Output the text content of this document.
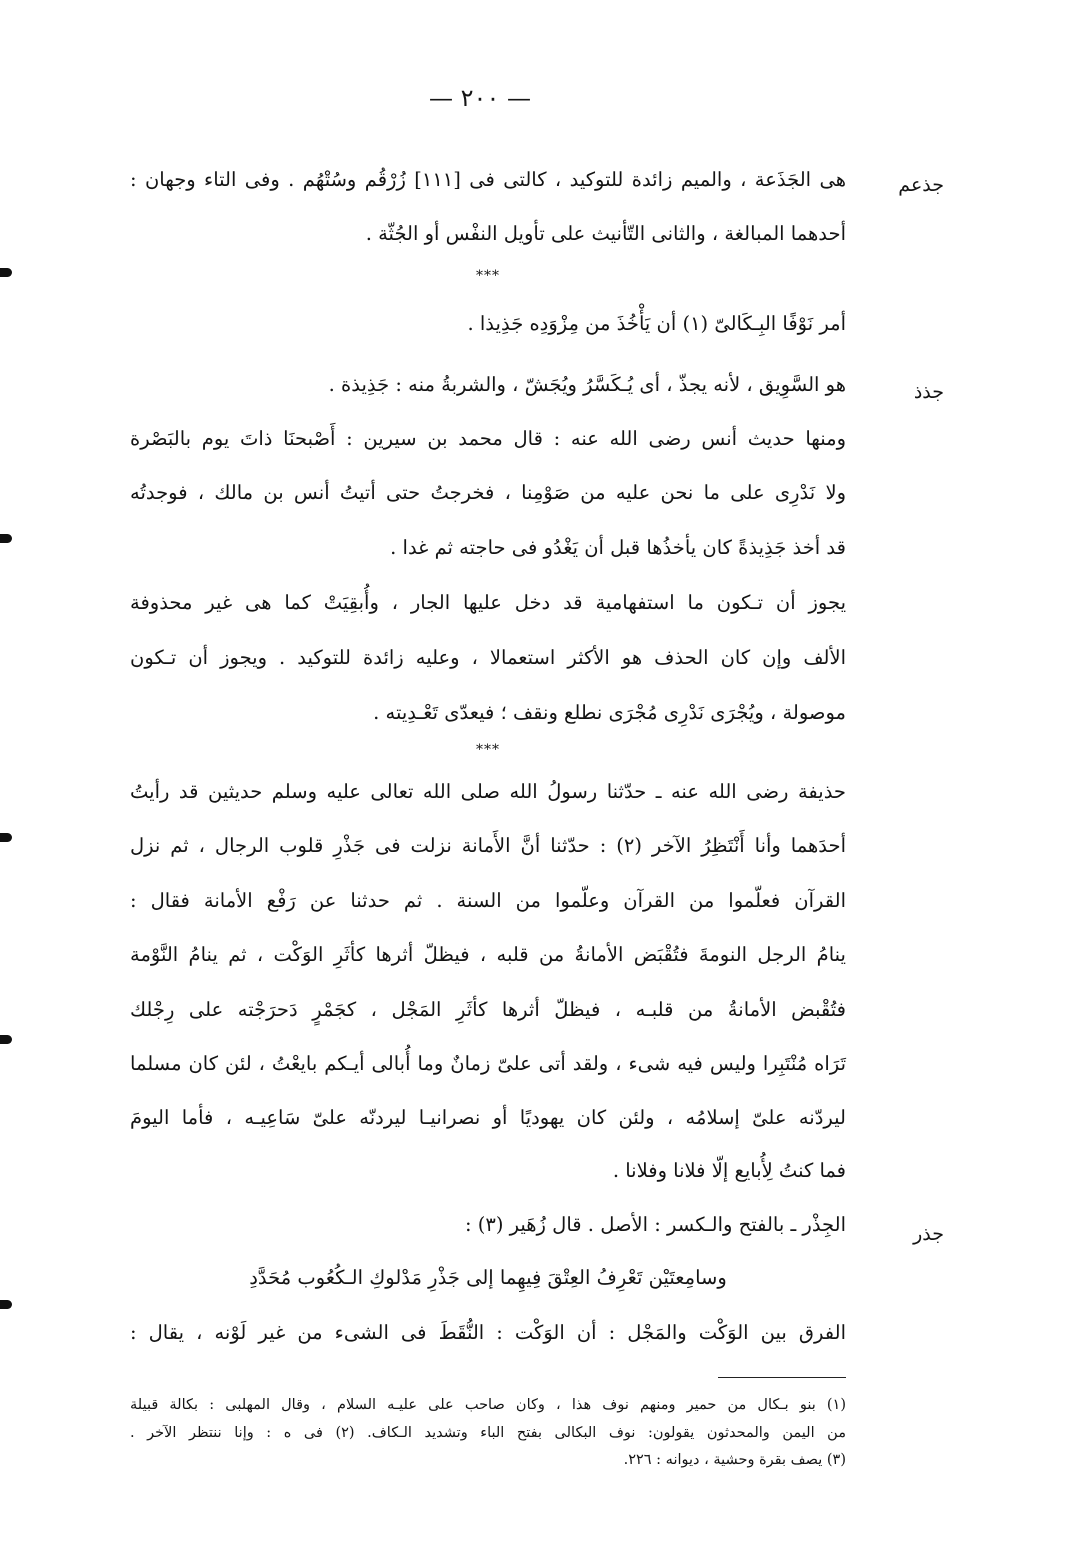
— ٢٠٠ —
جذعم
جذذ
جذر
هى الجَذَعة ، والميم زائدة للتوكيد ، كالتى فى [١١١] زُرْقُم وسُتْهُم . وفى التاء وجهان :
أحدهما المبالغة ، والثانى التّأنيث على تأويل النفْس أو الجُثّة .
***
أمر نَوْفًا البِـكَالىّ (١) أن يَأْخُذَ من مِزْوَدِه جَذِيذا .
هو السَّوِيق ، لأنه يجذّ ، أى يُـكَسَّرُ ويُجَشّ ، والشربةُ منه : جَذِيذة .
ومنها حديث أنس رضى الله عنه : قال محمد بن سيرين : أَصْبحنَا ذاتَ يوم بالبَصْرة
ولا نَدْرِى على ما نحن عليه من صَوْمِنا ، فخرجتُ حتى أتيتُ أنس بن مالك ، فوجدتُه
قد أخذ جَذِيذةً كان يأخذُها قبل أن يَغْدُو فى حاجته ثم غدا .
يجوز أن تـكون ما استفهامية قد دخل عليها الجار ، وأُبقِيَتْ كما هى غير محذوفة
الألف وإن كان الحذف هو الأكثر استعمالا ، وعليه زائدة للتوكيد . ويجوز أن تـكون
موصولة ، ويُجْرَى نَدْرِى مُجْرَى نطلع ونقف ؛ فيعدّى تَعْـدِيته .
***
حذيفة رضى الله عنه ـ حدّثنا رسولُ الله صلى الله تعالى عليه وسلم حديثين قد رأيتُ
أحدَهما وأنا أَنْتَظِرُ الآخر (٢) : حدّثنا أنَّ الأَمانة نزلت فى جَذْرِ قلوب الرجال ، ثم نزل
القرآن فعلّموا من القرآن وعلّموا من السنة . ثم حدثنا عن رَفْع الأمانة فقال :
ينامُ الرجل النومةَ فتُقْبَض الأمانةُ من قلبه ، فيظلّ أثرها كأثَرِ الوَكْت ، ثم ينامُ النَّوْمة
فتُقْبض الأمانةُ من قلبـه ، فيظلّ أثرها كأثَرِ المَجْل ، كجَمْرٍ دَحرَجْته على رِجْلك
تَرَاه مُنْتَبِرا وليس فيه شىء ، ولقد أتى علىّ زمانٌ وما أُبالى أيـكم بايعْتُ ، لئن كان مسلما
ليردّنه علىّ إسلامُه ، ولئن كان يهوديًا أو نصرانيـا ليردنّه علىّ سَاعِيـه ، فأما اليومَ
فما كنتُ لِأُبايع إلّا فلانا وفلانا .
الجِذْر ـ بالفتح والـكسر : الأصل . قال زُهَير (٣) :
وسامِعتَيْن تَعْرِفُ العِتْقَ فِيهِما إلى جَذْرِ مَدْلوكِ الـكُعُوب مُحَدَّدِ
الفرق بين الوَكْت والمَجْل : أن الوَكْت : النُّقَطَ فى الشىء من غير لَوْنه ، يقال :
(١) بنو بـكال من حمير ومنهم نوف هذا ، وكان صاحب على عليـه السلام ، وقال المهلبى : بكالة قبيلة
من اليمن والمحدثون يقولون: نوف البكالى بفتح الباء وتشديد الـكاف. (٢) فى ه : وإنا ننتظر الآخر .
(٣) يصف بقرة وحشية ، ديوانه : ٢٢٦.
